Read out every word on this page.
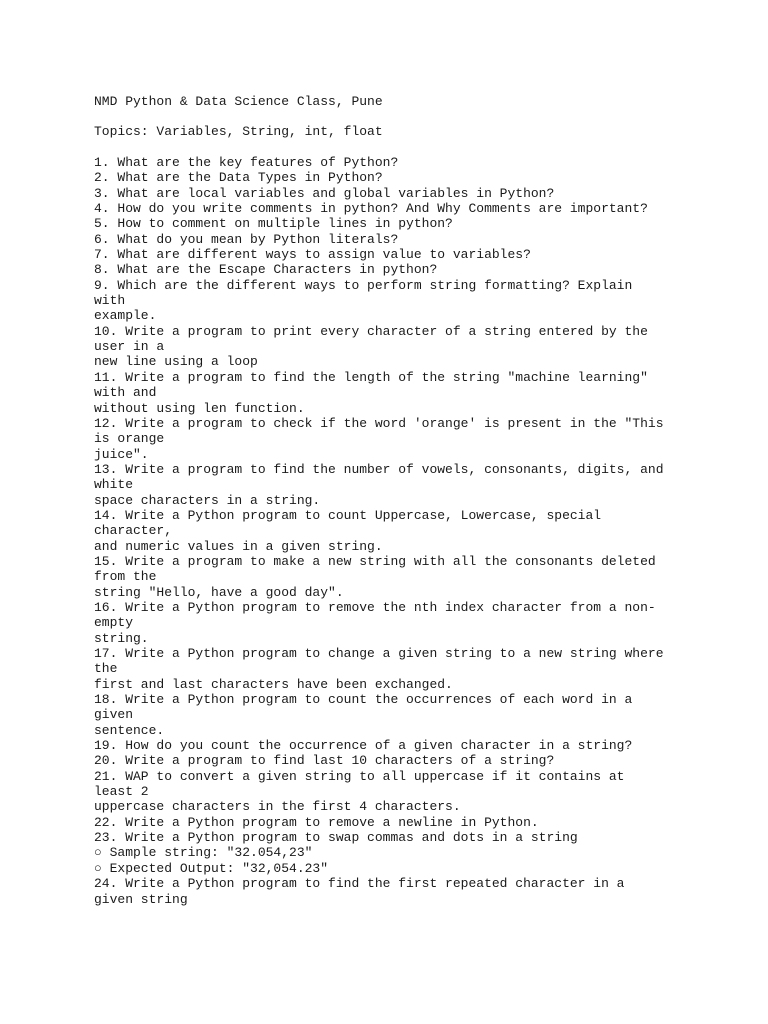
NMD Python & Data Science Class, Pune
Topics: Variables, String, int, float
1. What are the key features of Python?
2. What are the Data Types in Python?
3. What are local variables and global variables in Python?
4. How do you write comments in python? And Why Comments are important?
5. How to comment on multiple lines in python?
6. What do you mean by Python literals?
7. What are different ways to assign value to variables?
8. What are the Escape Characters in python?
9. Which are the different ways to perform string formatting? Explain
with
example.
10. Write a program to print every character of a string entered by the
user in a
new line using a loop
11. Write a program to find the length of the string "machine learning"
with and
without using len function.
12. Write a program to check if the word 'orange' is present in the "This
is orange
juice".
13. Write a program to find the number of vowels, consonants, digits, and
white
space characters in a string.
14. Write a Python program to count Uppercase, Lowercase, special
character,
and numeric values in a given string.
15. Write a program to make a new string with all the consonants deleted
from the
string "Hello, have a good day".
16. Write a Python program to remove the nth index character from a non-
empty
string.
17. Write a Python program to change a given string to a new string where
the
first and last characters have been exchanged.
18. Write a Python program to count the occurrences of each word in a
given
sentence.
19. How do you count the occurrence of a given character in a string?
20. Write a program to find last 10 characters of a string?
21. WAP to convert a given string to all uppercase if it contains at
least 2
uppercase characters in the first 4 characters.
22. Write a Python program to remove a newline in Python.
23. Write a Python program to swap commas and dots in a string
○ Sample string: "32.054,23"
○ Expected Output: "32,054.23"
24. Write a Python program to find the first repeated character in a
given string
